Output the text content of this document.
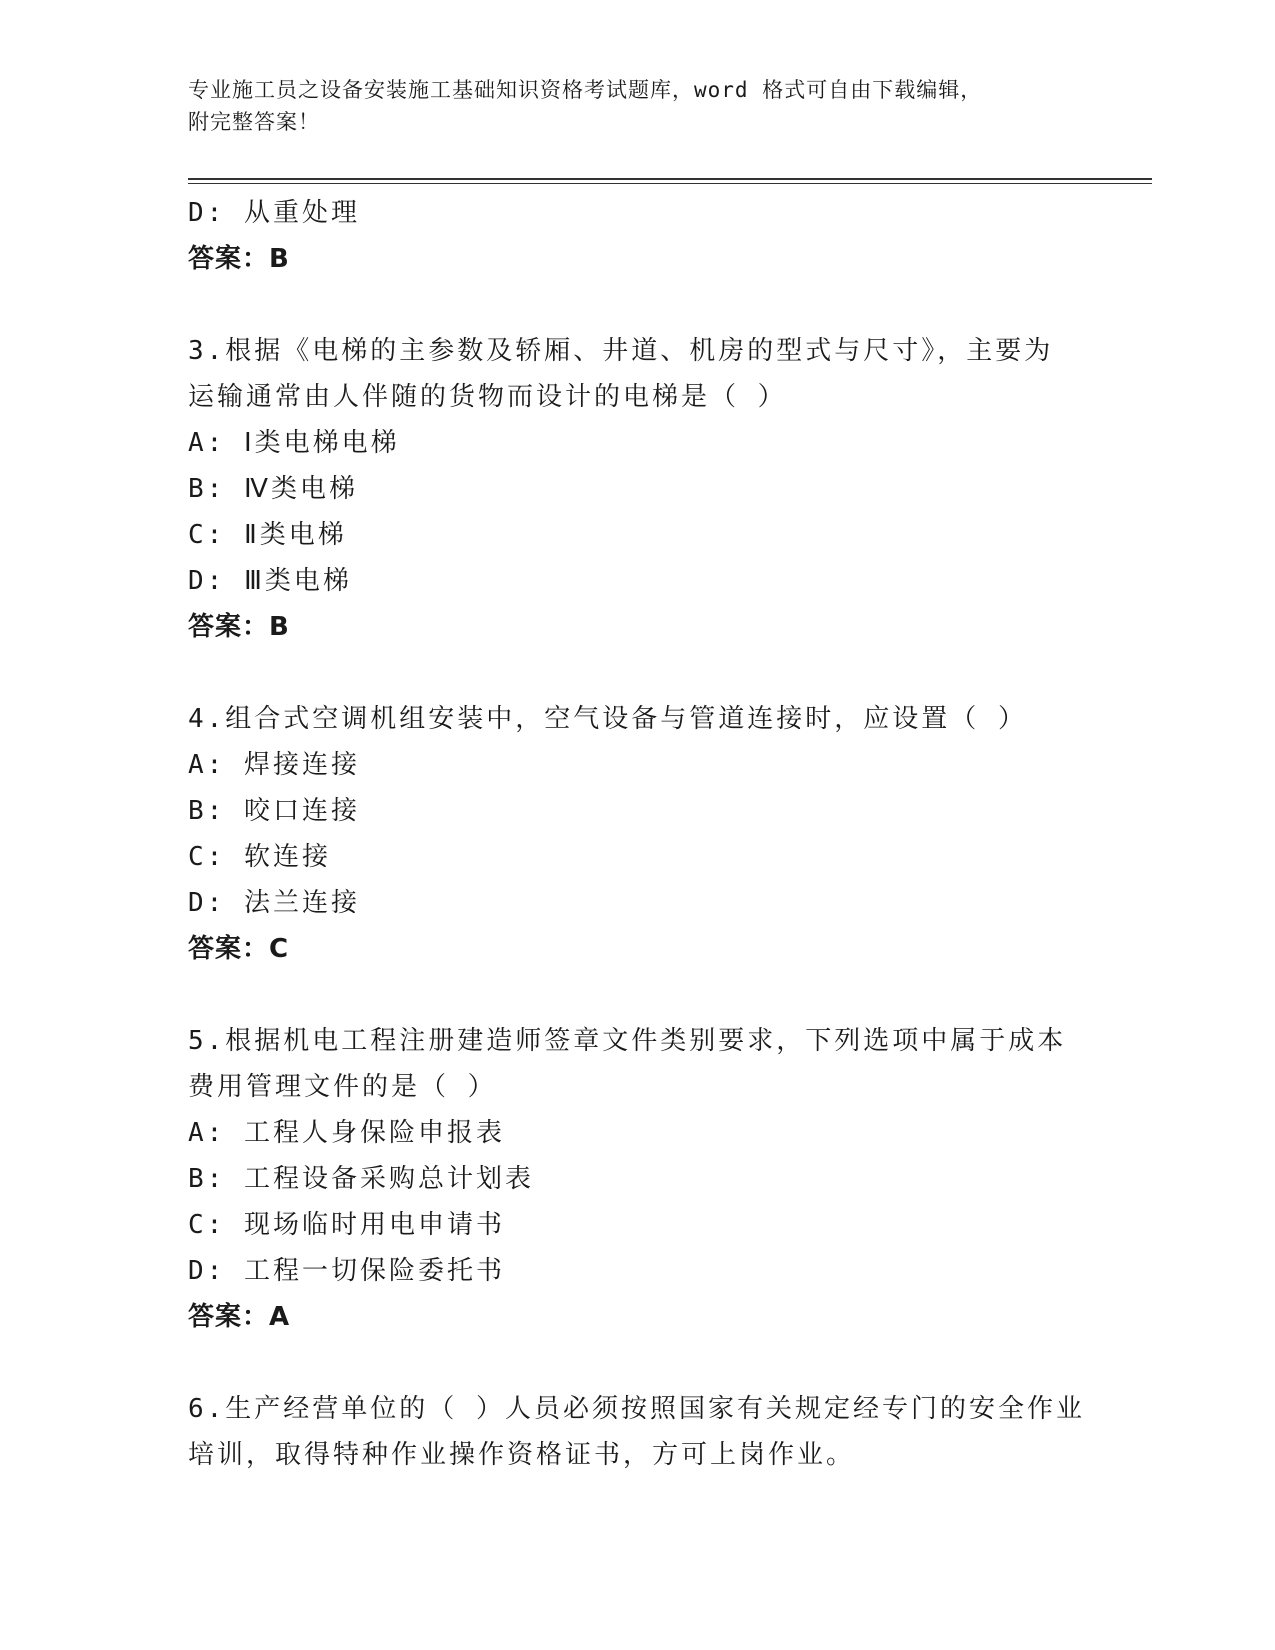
专业施工员之设备安装施工基础知识资格考试题库，word 格式可自由下载编辑，
附完整答案！
D: 从重处理
答案：B
3.根据《电梯的主参数及轿厢、井道、机房的型式与尺寸》，主要为
运输通常由人伴随的货物而设计的电梯是（ ）
A: Ⅰ类电梯电梯
B: Ⅳ类电梯
C: Ⅱ类电梯
D: Ⅲ类电梯
答案：B
4.组合式空调机组安装中，空气设备与管道连接时，应设置（ ）
A: 焊接连接
B: 咬口连接
C: 软连接
D: 法兰连接
答案：C
5.根据机电工程注册建造师签章文件类别要求，下列选项中属于成本
费用管理文件的是（ ）
A: 工程人身保险申报表
B: 工程设备采购总计划表
C: 现场临时用电申请书
D: 工程一切保险委托书
答案：A
6.生产经营单位的（ ）人员必须按照国家有关规定经专门的安全作业
培训，取得特种作业操作资格证书，方可上岗作业。
